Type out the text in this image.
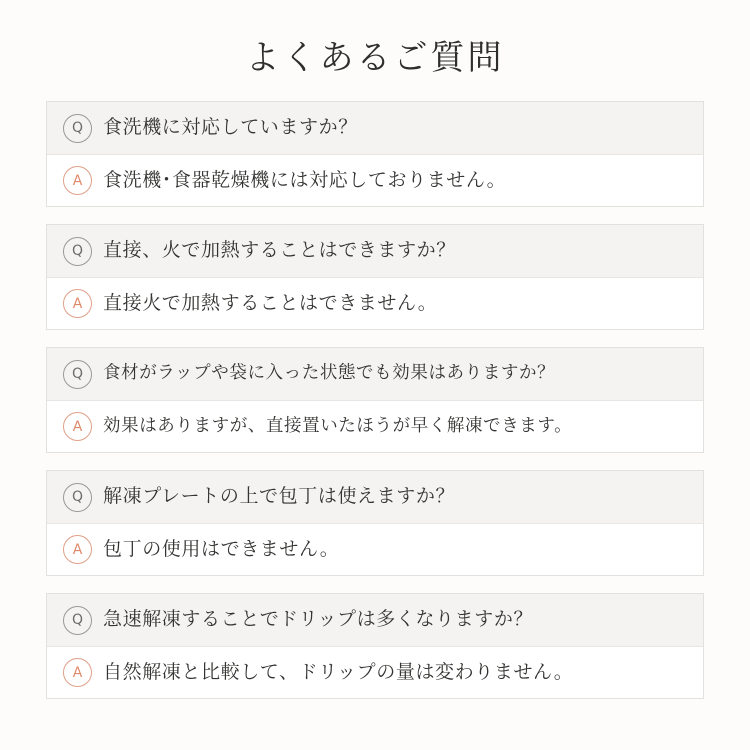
よくあるご質問
Q	食洗機に対応していますか？
A	食洗機･食器乾燥機には対応しておりません。
Q	直接、火で加熱することはできますか？
A	直接火で加熱することはできません。
Q	食材がラップや袋に入った状態でも効果はありますか？
A	効果はありますが、直接置いたほうが早く解凍できます。
Q	解凍プレートの上で包丁は使えますか？
A	包丁の使用はできません。
Q	急速解凍することでドリップは多くなりますか？
A	自然解凍と比較して、ドリップの量は変わりません。
